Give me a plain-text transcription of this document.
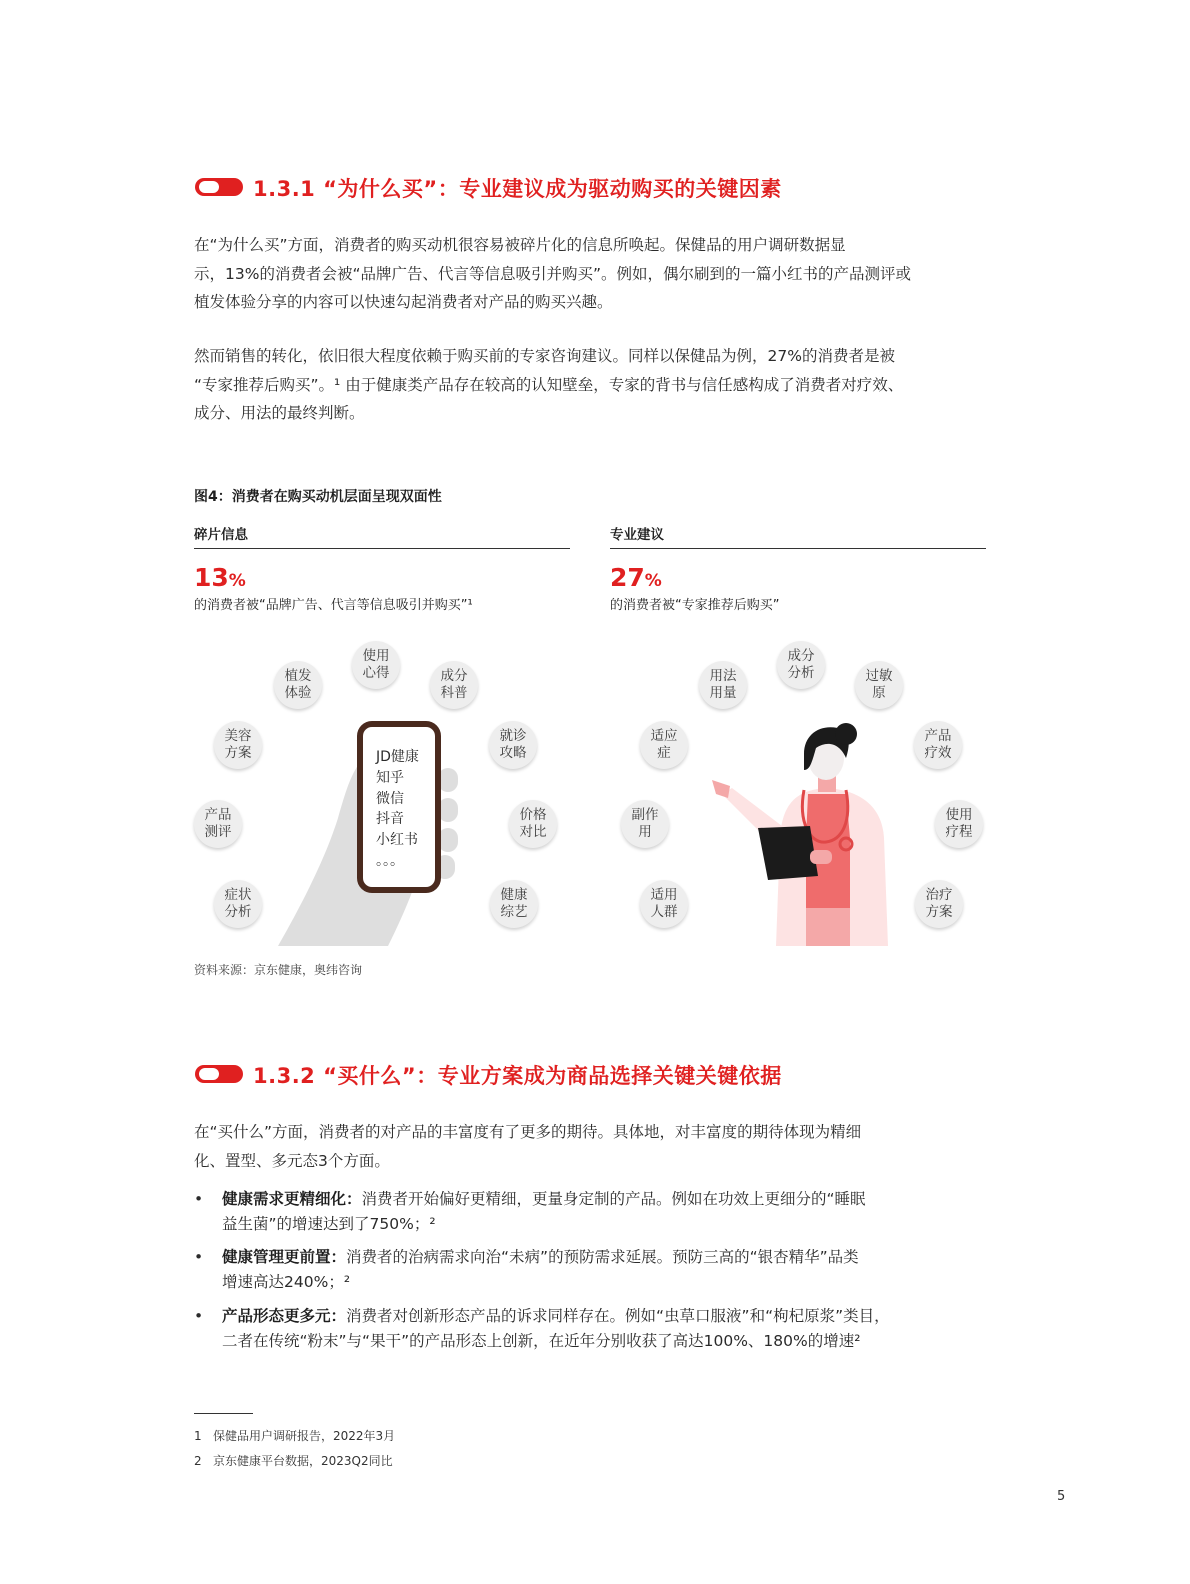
1.3.1 “为什么买”：专业建议成为驱动购买的关键因素

在“为什么买”方面，消费者的购买动机很容易被碎片化的信息所唤起。保健品的用户调研数据显

示，13%的消费者会被“品牌广告、代言等信息吸引并购买”。例如，偶尔刷到的一篇小红书的产品测评或

植发体验分享的内容可以快速勾起消费者对产品的购买兴趣。

然而销售的转化，依旧很大程度依赖于购买前的专家咨询建议。同样以保健品为例，27%的消费者是被

“专家推荐后购买”。¹ 由于健康类产品存在较高的认知壁垒，专家的背书与信任感构成了消费者对疗效、

成分、用法的最终判断。

图4：消费者在购买动机层面呈现双面性
碎片信息
13%
的消费者被“品牌广告、代言等信息吸引并购买”¹
专业建议
27%
的消费者被“专家推荐后购买”
JD健康
知乎
微信
抖音
小红书
。。。
植发
体验
使用
心得	成分
科普
美容
方案
就诊
攻略
产品
测评
价格
对比
症状
分析
健康
综艺
用法
用量
成分
分析	过敏
原
适应
症
产品
疗效
副作
用
使用
疗程
适用
人群
治疗
方案
资料来源：京东健康，奥纬咨询
1.3.2 “买什么”：专业方案成为商品选择关键关键依据

在“买什么”方面，消费者的对产品的丰富度有了更多的期待。具体地，对丰富度的期待体现为精细

化、置型、多元态3个方面。

• 健康需求更精细化：消费者开始偏好更精细，更量身定制的产品。例如在功效上更细分的“睡眠
益生菌”的增速达到了750%；²
• 健康管理更前置：消费者的治病需求向治“未病”的预防需求延展。预防三高的“银杏精华”品类
增速高达240%；²
• 产品形态更多元：消费者对创新形态产品的诉求同样存在。例如“虫草口服液”和“枸杞原浆”类目，
二者在传统“粉末”与“果干”的产品形态上创新，在近年分别收获了高达100%、180%的增速²
1 保健品用户调研报告，2022年3月
2 京东健康平台数据，2023Q2同比
5
